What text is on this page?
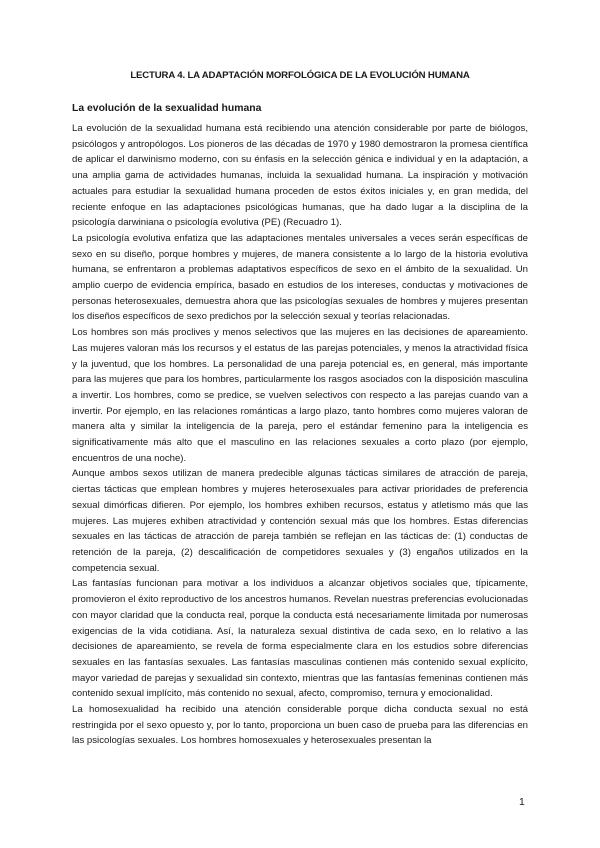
LECTURA 4. LA ADAPTACIÓN MORFOLÓGICA DE LA EVOLUCIÓN HUMANA
La evolución de la sexualidad humana

La evolución de la sexualidad humana está recibiendo una atención considerable por parte de biólogos, psicólogos y antropólogos. Los pioneros de las décadas de 1970 y 1980 demostraron la promesa científica de aplicar el darwinismo moderno, con su énfasis en la selección génica e individual y en la adaptación, a una amplia gama de actividades humanas, incluida la sexualidad humana. La inspiración y motivación actuales para estudiar la sexualidad humana proceden de estos éxitos iniciales y, en gran medida, del reciente enfoque en las adaptaciones psicológicas humanas, que ha dado lugar a la disciplina de la psicología darwiniana o psicología evolutiva (PE) (Recuadro 1).

La psicología evolutiva enfatiza que las adaptaciones mentales universales a veces serán específicas de sexo en su diseño, porque hombres y mujeres, de manera consistente a lo largo de la historia evolutiva humana, se enfrentaron a problemas adaptativos específicos de sexo en el ámbito de la sexualidad. Un amplio cuerpo de evidencia empírica, basado en estudios de los intereses, conductas y motivaciones de personas heterosexuales, demuestra ahora que las psicologías sexuales de hombres y mujeres presentan los diseños específicos de sexo predichos por la selección sexual y teorías relacionadas.

Los hombres son más proclives y menos selectivos que las mujeres en las decisiones de apareamiento. Las mujeres valoran más los recursos y el estatus de las parejas potenciales, y menos la atractividad física y la juventud, que los hombres. La personalidad de una pareja potencial es, en general, más importante para las mujeres que para los hombres, particularmente los rasgos asociados con la disposición masculina a invertir. Los hombres, como se predice, se vuelven selectivos con respecto a las parejas cuando van a invertir. Por ejemplo, en las relaciones románticas a largo plazo, tanto hombres como mujeres valoran de manera alta y similar la inteligencia de la pareja, pero el estándar femenino para la inteligencia es significativamente más alto que el masculino en las relaciones sexuales a corto plazo (por ejemplo, encuentros de una noche).

Aunque ambos sexos utilizan de manera predecible algunas tácticas similares de atracción de pareja, ciertas tácticas que emplean hombres y mujeres heterosexuales para activar prioridades de preferencia sexual dimórficas difieren. Por ejemplo, los hombres exhiben recursos, estatus y atletismo más que las mujeres. Las mujeres exhiben atractividad y contención sexual más que los hombres. Estas diferencias sexuales en las tácticas de atracción de pareja también se reflejan en las tácticas de: (1) conductas de retención de la pareja, (2) descalificación de competidores sexuales y (3) engaños utilizados en la competencia sexual.

Las fantasías funcionan para motivar a los individuos a alcanzar objetivos sociales que, típicamente, promovieron el éxito reproductivo de los ancestros humanos. Revelan nuestras preferencias evolucionadas con mayor claridad que la conducta real, porque la conducta está necesariamente limitada por numerosas exigencias de la vida cotidiana. Así, la naturaleza sexual distintiva de cada sexo, en lo relativo a las decisiones de apareamiento, se revela de forma especialmente clara en los estudios sobre diferencias sexuales en las fantasías sexuales. Las fantasías masculinas contienen más contenido sexual explícito, mayor variedad de parejas y sexualidad sin contexto, mientras que las fantasías femeninas contienen más contenido sexual implícito, más contenido no sexual, afecto, compromiso, ternura y emocionalidad.

La homosexualidad ha recibido una atención considerable porque dicha conducta sexual no está restringida por el sexo opuesto y, por lo tanto, proporciona un buen caso de prueba para las diferencias en las psicologías sexuales. Los hombres homosexuales y heterosexuales presentan la

1
